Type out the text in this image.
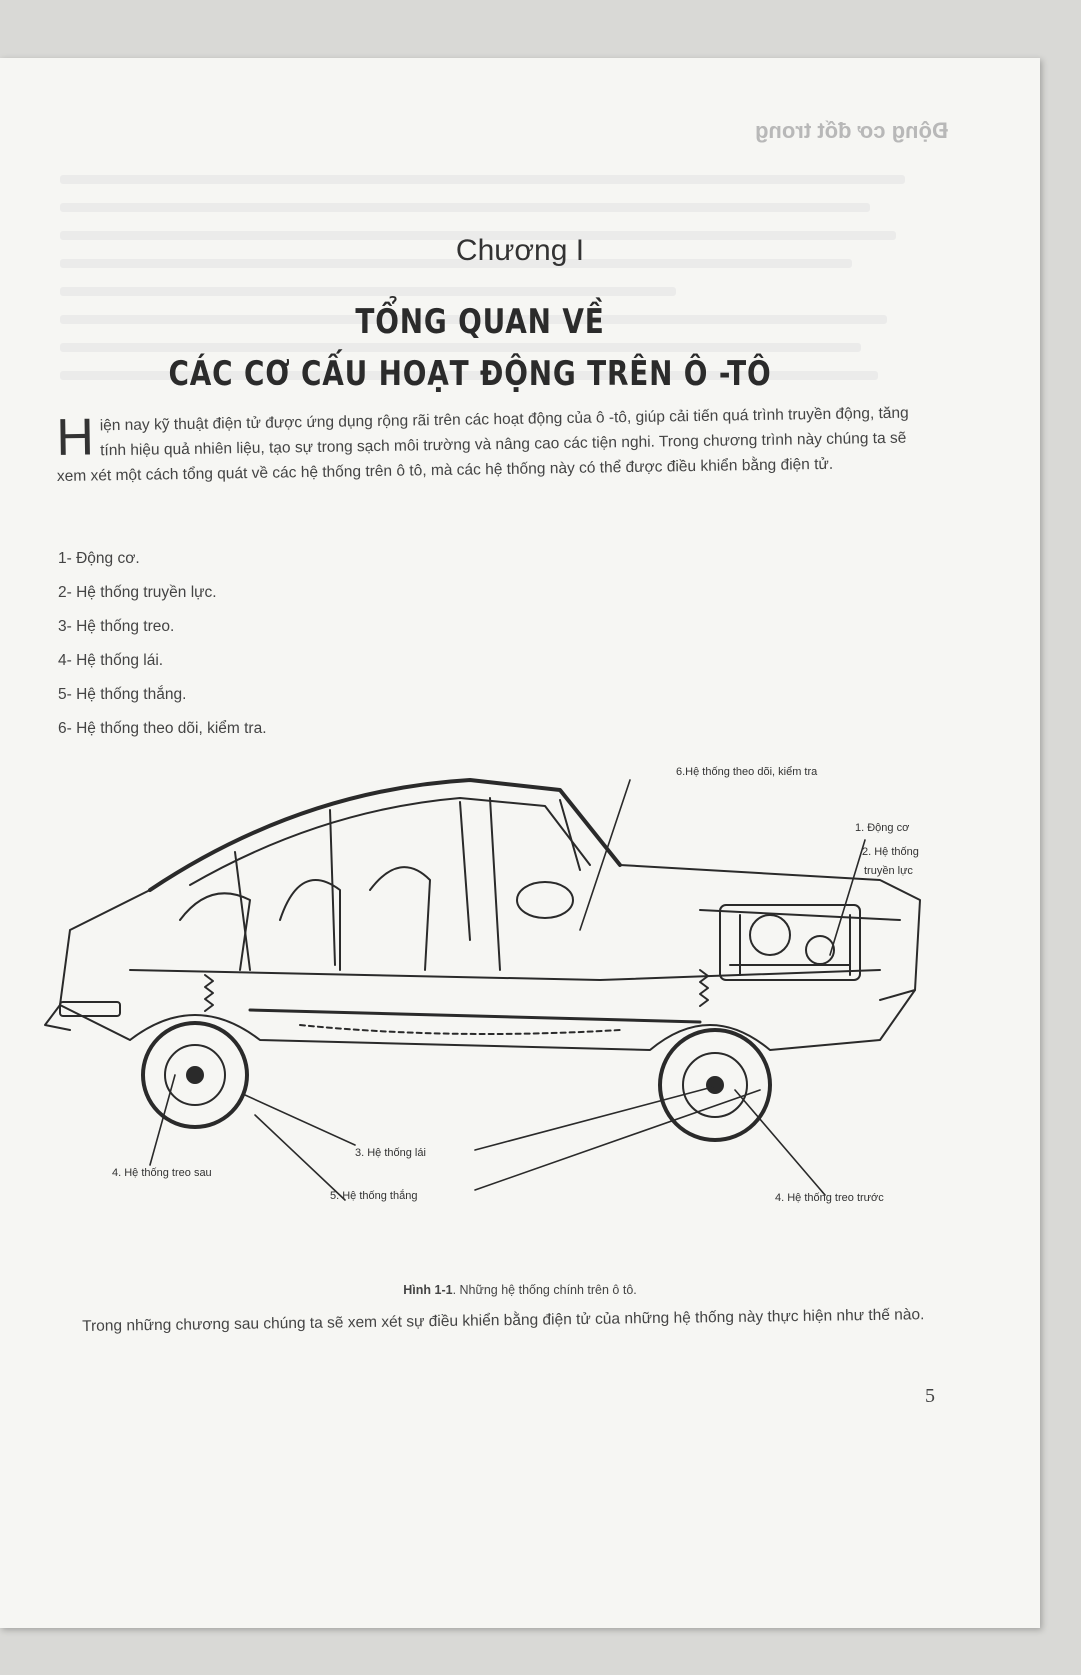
Động cơ đốt trong
Chương I
TỔNG QUAN VỀ
CÁC CƠ CẤU HOẠT ĐỘNG TRÊN Ô -TÔ
H iện nay kỹ thuật điện tử được ứng dụng rộng rãi trên các hoạt động của ô -tô, giúp cải tiến quá trình truyền động, tăng tính hiệu quả nhiên liệu, tạo sự trong sạch môi trường và nâng cao các tiện nghi. Trong chương trình này chúng ta sẽ xem xét một cách tổng quát về các hệ thống trên ô tô, mà các hệ thống này có thể được điều khiển bằng điện tử.
1- Động cơ.
2- Hệ thống truyền lực.
3- Hệ thống treo.
4- Hệ thống lái.
5- Hệ thống thắng.
6- Hệ thống theo dõi, kiểm tra.
6.Hệ thống theo dõi, kiểm tra
1. Động cơ
2. Hệ thống
truyền lực
4. Hệ thống treo sau
3. Hệ thống lái
5. Hệ thống thắng	4. Hệ thống treo trước
Hình 1-1. Những hệ thống chính trên ô tô.
Trong những chương sau chúng ta sẽ xem xét sự điều khiển bằng điện tử của những hệ thống này thực hiện như thế nào.
5
